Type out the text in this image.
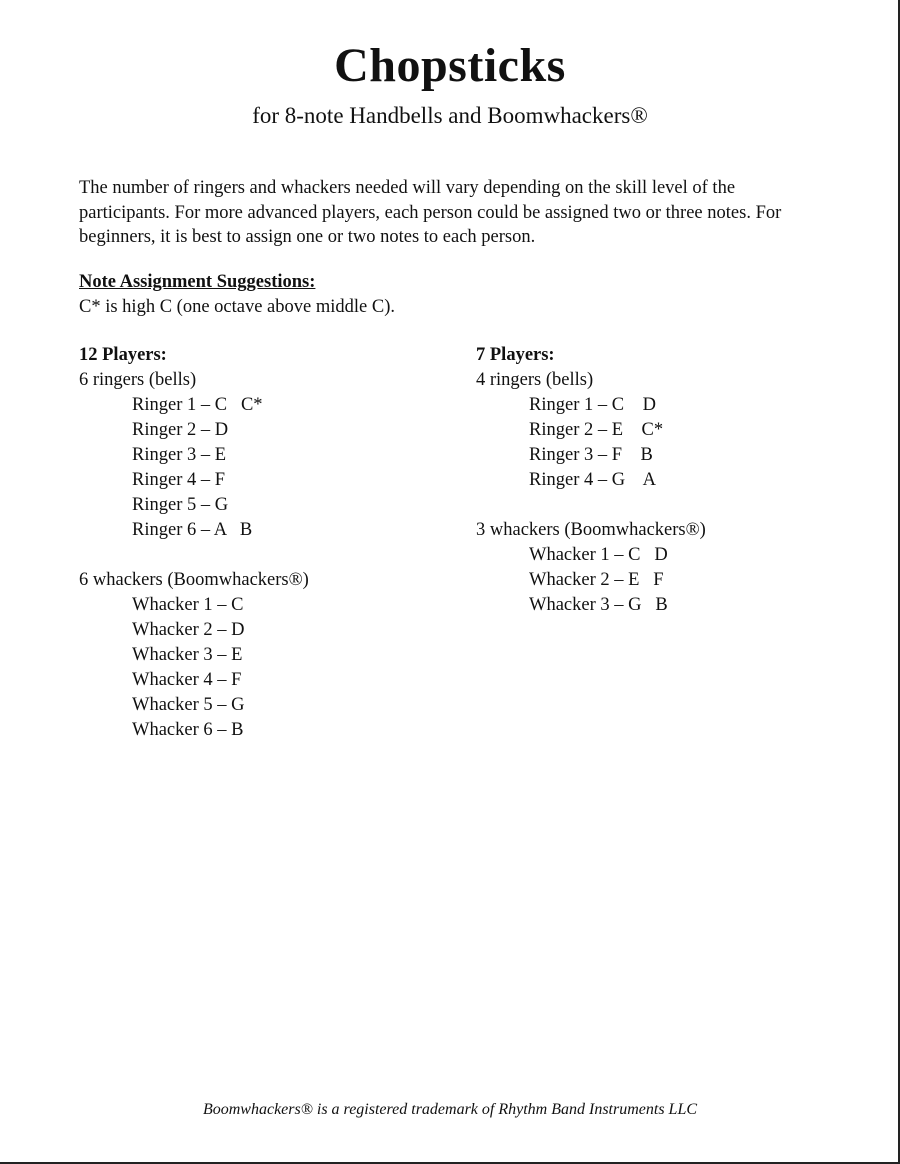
Chopsticks
for 8-note Handbells and Boomwhackers®

The number of ringers and whackers needed will vary depending on the skill level of the participants. For more advanced players, each person could be assigned two or three notes. For beginners, it is best to assign one or two notes to each person.

Note Assignment Suggestions:
C* is high C (one octave above middle C).
12 Players:
6 ringers (bells)
Ringer 1 – C   C*
Ringer 2 – D
Ringer 3 – E
Ringer 4 – F
Ringer 5 – G
Ringer 6 – A   B
6 whackers (Boomwhackers®)
Whacker 1 – C
Whacker 2 – D
Whacker 3 – E
Whacker 4 – F
Whacker 5 – G
Whacker 6 – B
7 Players:
4 ringers (bells)
Ringer 1 – C    D
Ringer 2 – E    C*
Ringer 3 – F    B
Ringer 4 – G    A
3 whackers (Boomwhackers®)
Whacker 1 – C   D
Whacker 2 – E   F
Whacker 3 – G   B
Boomwhackers® is a registered trademark of Rhythm Band Instruments LLC
